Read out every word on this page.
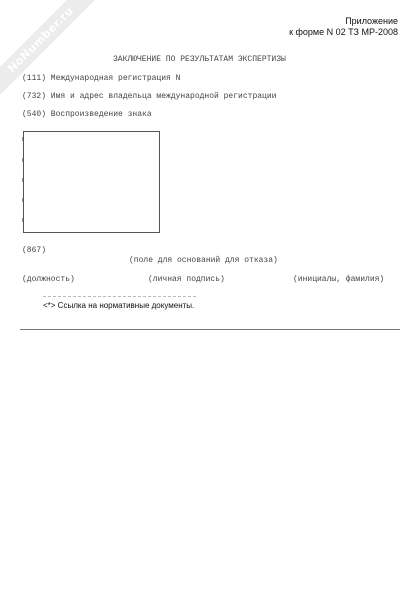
NoNumber.ru	Приложение
к форме N 02 ТЗ МР-2008
ЗАКЛЮЧЕНИЕ ПО РЕЗУЛЬТАТАМ ЭКСПЕРТИЗЫ
(111) Международная регистрация N
(732) Имя и адрес владельца международной регистрации
(540) Воспроизведение знака
(867)
(поле для оснований для отказа)
(должность)	(личная подпись)	(инициалы, фамилия)
<*> Ссылка на нормативные документы.
